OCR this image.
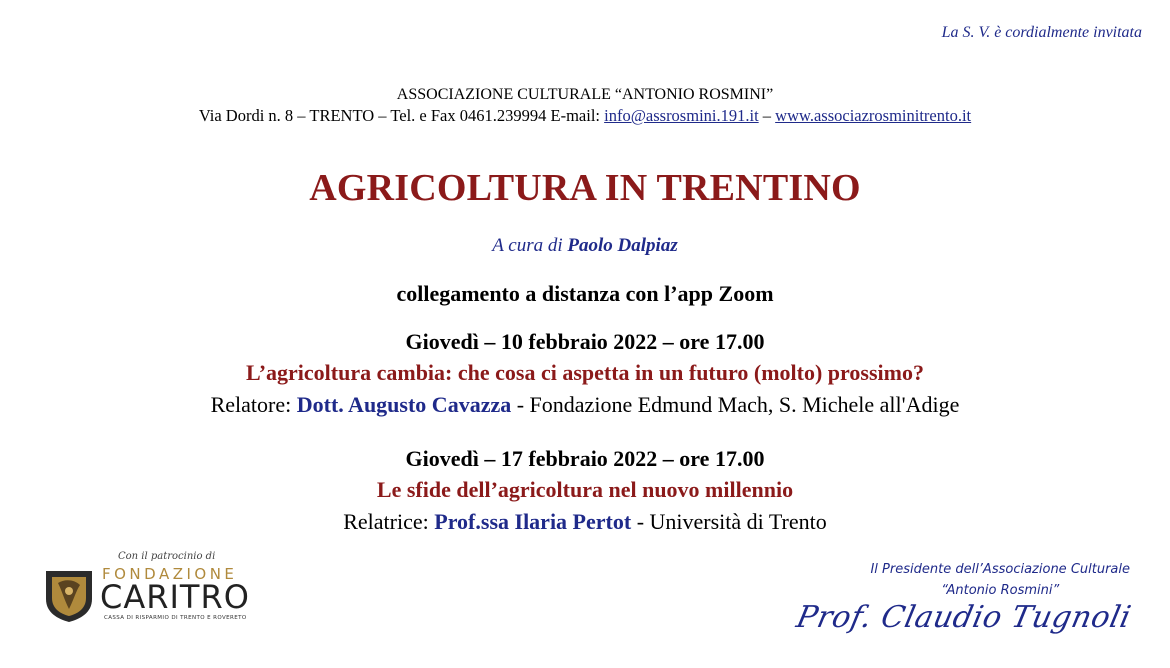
La S. V. è cordialmente invitata
ASSOCIAZIONE CULTURALE “ANTONIO ROSMINI”
Via Dordi n. 8 – TRENTO – Tel. e Fax 0461.239994 E-mail: info@assrosmini.191.it – www.associazrosminitrento.it
AGRICOLTURA IN TRENTINO
A cura di Paolo Dalpiaz
collegamento a distanza con l’app Zoom
Giovedì – 10 febbraio 2022 – ore 17.00
L’agricoltura cambia: che cosa ci aspetta in un futuro (molto) prossimo?
Relatore: Dott. Augusto Cavazza - Fondazione Edmund Mach, S. Michele all'Adige
Giovedì – 17 febbraio 2022 – ore 17.00
Le sfide dell’agricoltura nel nuovo millennio
Relatrice: Prof.ssa Ilaria Pertot - Università di Trento
Con il patrocinio di
FONDAZIONE
CARITRO
CASSA DI RISPARMIO DI TRENTO E ROVERETO
Il Presidente dell’Associazione Culturale
“Antonio Rosmini”
Prof. Claudio Tugnoli
